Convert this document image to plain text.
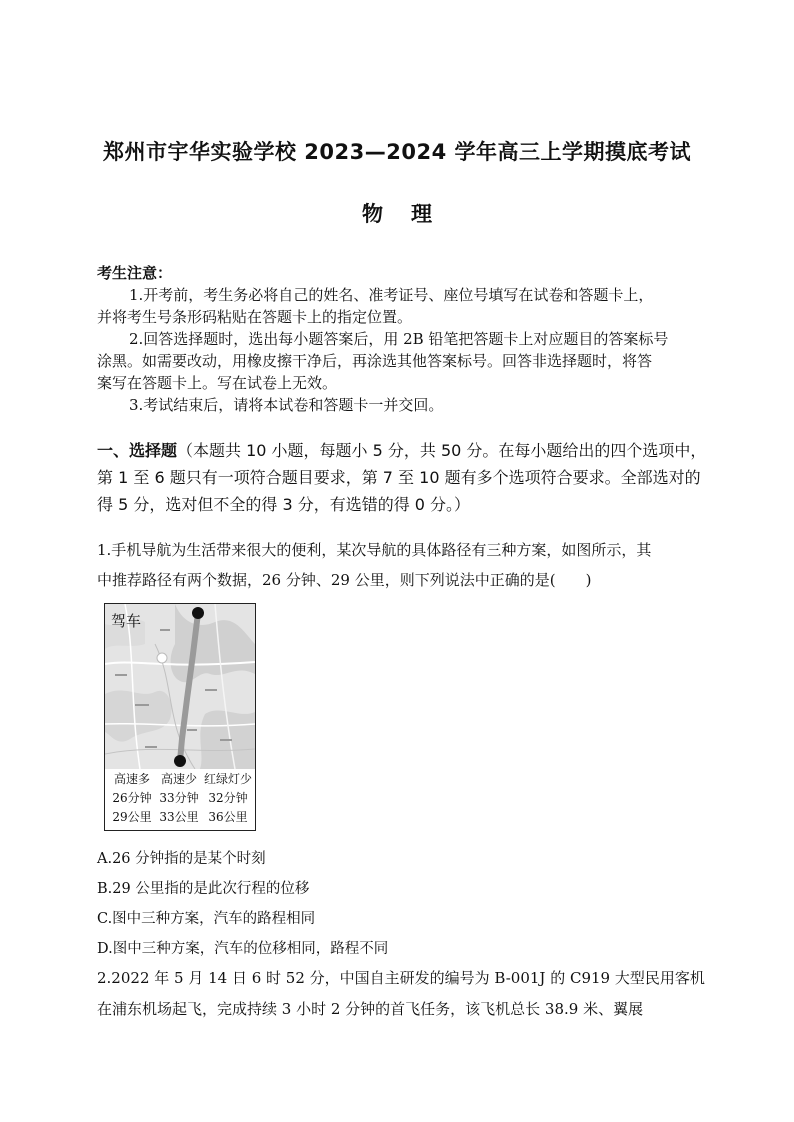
郑州市宇华实验学校 2023—2024 学年高三上学期摸底考试
物理
考生注意：
1.开考前，考生务必将自己的姓名、准考证号、座位号填写在试卷和答题卡上，
并将考生号条形码粘贴在答题卡上的指定位置。
2.回答选择题时，选出每小题答案后，用 2B 铅笔把答题卡上对应题目的答案标号
涂黑。如需要改动，用橡皮擦干净后，再涂选其他答案标号。回答非选择题时，将答
案写在答题卡上。写在试卷上无效。
3.考试结束后，请将本试卷和答题卡一并交回。
一、选择题（本题共 10 小题，每题小 5 分，共 50 分。在每小题给出的四个选项中，
第 1 至 6 题只有一项符合题目要求，第 7 至 10 题有多个选项符合要求。全部选对的
得 5 分，选对但不全的得 3 分，有选错的得 0 分。）
1.手机导航为生活带来很大的便利，某次导航的具体路径有三种方案，如图所示，其
中推荐路径有两个数据，26 分钟、29 公里，则下列说法中正确的是(　　)
驾车
高速多
26分钟
29公里
高速少
33分钟
33公里
红绿灯少
32分钟
36公里
A.26 分钟指的是某个时刻
B.29 公里指的是此次行程的位移
C.图中三种方案，汽车的路程相同
D.图中三种方案，汽车的位移相同，路程不同
2.2022 年 5 月 14 日 6 时 52 分，中国自主研发的编号为 B-001J 的 C919 大型民用客机
在浦东机场起飞，完成持续 3 小时 2 分钟的首飞任务，该飞机总长 38.9 米、翼展
